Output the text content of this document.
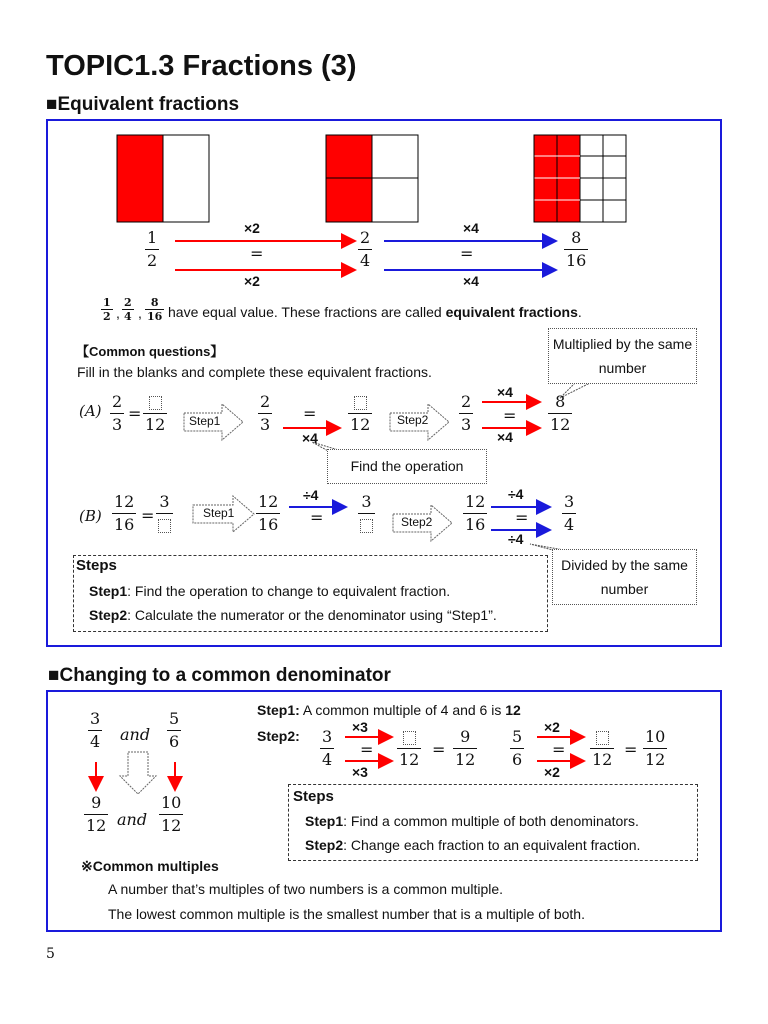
TOPIC1.3 Fractions (3)
■Equivalent fractions
1
2
2
4
8
16
×2
=
×2
×4
=
×4
1
2 ,
2
4 ,
8
16 have equal value. These fractions are called equivalent fractions.
【Common questions】
Fill in the blanks and complete these equivalent fractions.
Multiplied by the same number
(A) 2
3
=
12 Step1
2
3
=
12
×4
Step2
2
3
×4
=
×4
8
12
Find the operation
(B)
12
16 =
3
Step1
12
16
÷4
=
3
Step2
12
16
÷4
=
÷4
3
4
Divided by the same number
Steps
Step1: Find the operation to change to equivalent fraction.
Step2: Calculate the numerator or the denominator using “Step1”.
■Changing to a common denominator
3
4 and
5
6
9
12 and
10
12
Step1: A common multiple of 4 and 6 is 12
Step2: 3
4
×3
=
×3
12
=
9
12
5
6
×2
=
×2
12
=
10
12
Steps
Step1: Find a common multiple of both denominators.
Step2: Change each fraction to an equivalent fraction.
※Common multiples
A number that’s multiples of two numbers is a common multiple.
The lowest common multiple is the smallest number that is a multiple of both.
5
